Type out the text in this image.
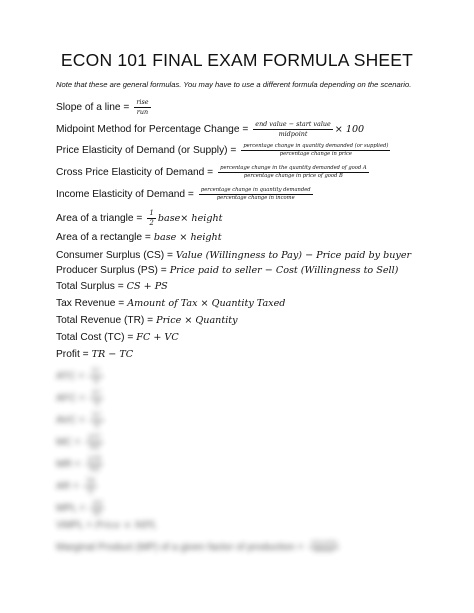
ECON 101 FINAL EXAM FORMULA SHEET
Note that these are general formulas. You may have to use a different formula depending on the scenario.
Slope of a line = $\frac{\text{rise}}{\text{run}}$
Midpoint Method for Percentage Change = $\frac{\text{end value − start value}}{\text{midpoint}} \times 100$
Price Elasticity of Demand (or Supply) = $\frac{\text{percentage change in quantity demanded (or supplied)}}{\text{percentage change in price}}$
Cross Price Elasticity of Demand = $\frac{\text{percentage change in the quantity demanded of good A}}{\text{percentage change in price of good B}}$
Income Elasticity of Demand = $\frac{\text{percentage change in quantity demanded}}{\text{percentage change in income}}$
Area of a triangle = $\frac{1}{2}$ base× height
Area of a rectangle = base × height
Consumer Surplus (CS) = Value (Willingness to Pay) − Price paid by buyer
Producer Surplus (PS) = Price paid to seller − Cost (Willingness to Sell)
Total Surplus = CS + PS
Tax Revenue = Amount of Tax × Quantity Taxed
Total Revenue (TR) = Price × Quantity
Total Cost (TC) = FC + VC
Profit = TR − TC
ATC = $\frac{TC}{Q}$
AFC = $\frac{FC}{Q}$
AVC = $\frac{VC}{Q}$
MC = $\frac{\text{ΔTC}}{\Delta Q}$
MR = $\frac{\text{ΔTR}}{\Delta Q}$
AR = $\frac{TR}{Q}$
MPL = $\frac{\Delta Q}{\Delta L}$
VMPL = Price × MPL
Marginal Product (MP) of a given factor of production = $\frac{\text{ΔQuantity}}{\text{ΔFactor}}$
